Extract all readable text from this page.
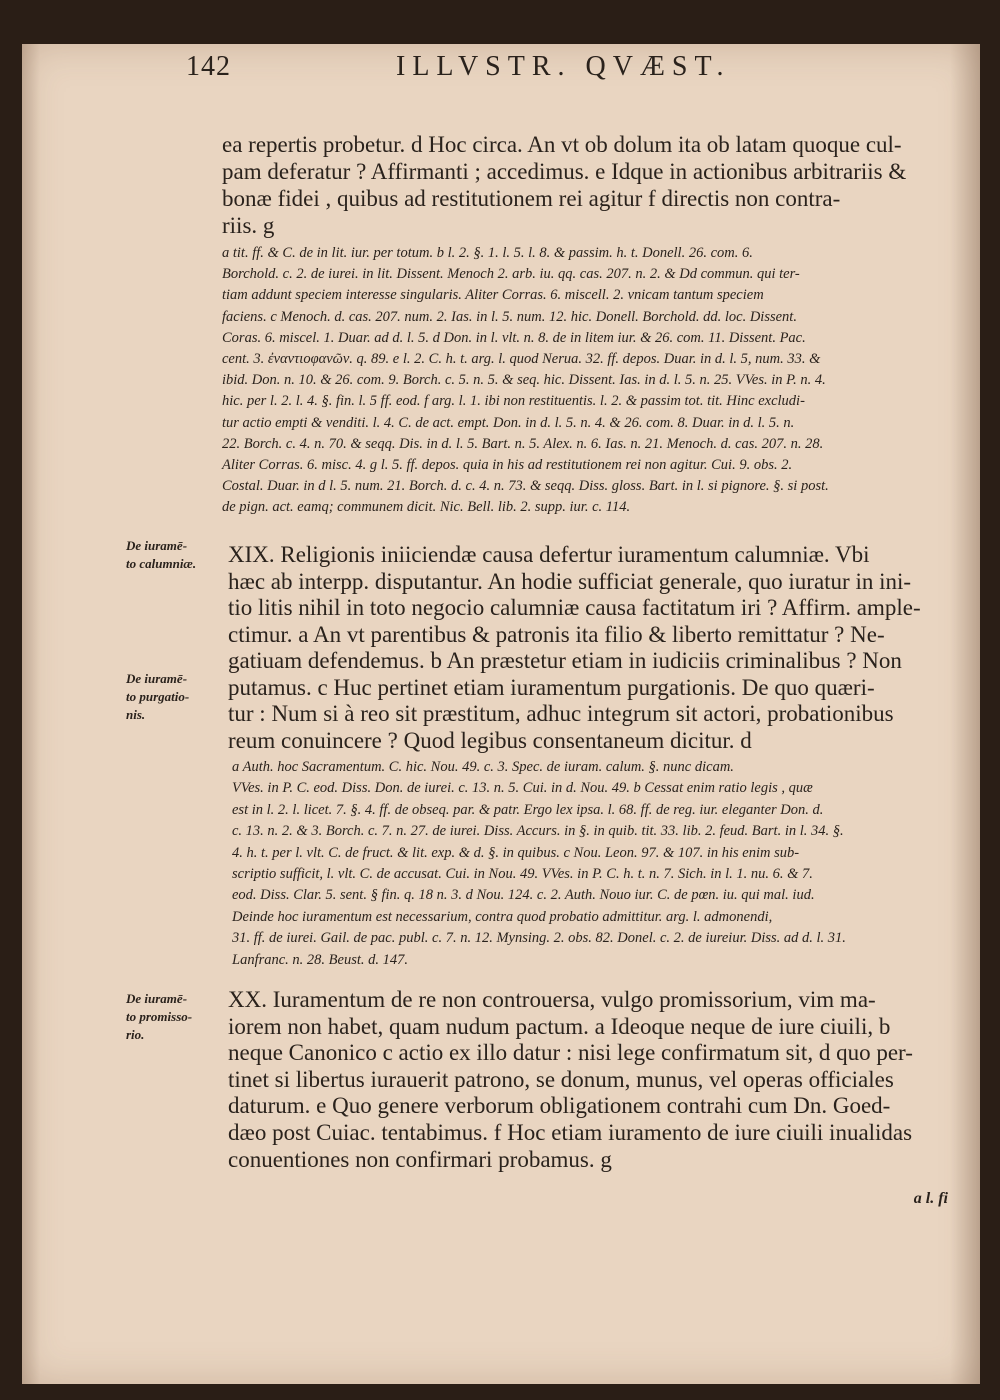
142	ILLVSTR. QVÆST.
ea repertis probetur. d Hoc circa. An vt ob dolum ita ob latam quoque cul-
pam deferatur ? Affirmanti ; accedimus. e Idque in actionibus arbitrariis &
bonæ fidei , quibus ad restitutionem rei agitur f directis non contra-
riis. g
a tit. ff. & C. de in lit. iur. per totum. b l. 2. §. 1. l. 5. l. 8. & passim. h. t. Donell. 26. com. 6.
Borchold. c. 2. de iurei. in lit. Dissent. Menoch 2. arb. iu. qq. cas. 207. n. 2. & Dd commun. qui ter-
tiam addunt speciem interesse singularis. Aliter Corras. 6. miscell. 2. vnicam tantum speciem
faciens. c Menoch. d. cas. 207. num. 2. Ias. in l. 5. num. 12. hic. Donell. Borchold. dd. loc. Dissent.
Coras. 6. miscel. 1. Duar. ad d. l. 5. d Don. in l. vlt. n. 8. de in litem iur. & 26. com. 11. Dissent. Pac.
cent. 3. ἐναντιοφανῶν. q. 89. e l. 2. C. h. t. arg. l. quod Nerua. 32. ff. depos. Duar. in d. l. 5, num. 33. &
ibid. Don. n. 10. & 26. com. 9. Borch. c. 5. n. 5. & seq. hic. Dissent. Ias. in d. l. 5. n. 25. VVes. in P. n. 4.
hic. per l. 2. l. 4. §. fin. l. 5 ff. eod. f arg. l. 1. ibi non restituentis. l. 2. & passim tot. tit. Hinc excludi-
tur actio empti & venditi. l. 4. C. de act. empt. Don. in d. l. 5. n. 4. & 26. com. 8. Duar. in d. l. 5. n.
22. Borch. c. 4. n. 70. & seqq. Dis. in d. l. 5. Bart. n. 5. Alex. n. 6. Ias. n. 21. Menoch. d. cas. 207. n. 28.
Aliter Corras. 6. misc. 4. g l. 5. ff. depos. quia in his ad restitutionem rei non agitur. Cui. 9. obs. 2.
Costal. Duar. in d l. 5. num. 21. Borch. d. c. 4. n. 73. & seqq. Diss. gloss. Bart. in l. si pignore. §. si post.
de pign. act. eamq; communem dicit. Nic. Bell. lib. 2. supp. iur. c. 114.
De iuramē-
to calumniæ.
De iuramē-
to purgatio-
nis.
De iuramē-
to promisso-
rio.
XIX. Religionis iniiciendæ causa defertur iuramentum calumniæ. Vbi
hæc ab interpp. disputantur. An hodie sufficiat generale, quo iuratur in ini-
tio litis nihil in toto negocio calumniæ causa factitatum iri ? Affirm. ample-
ctimur. a An vt parentibus & patronis ita filio & liberto remittatur ? Ne-
gatiuam defendemus. b An præstetur etiam in iudiciis criminalibus ? Non
putamus. c Huc pertinet etiam iuramentum purgationis. De quo quæri-
tur : Num si à reo sit præstitum, adhuc integrum sit actori, probationibus
reum conuincere ? Quod legibus consentaneum dicitur. d
a Auth. hoc Sacramentum. C. hic. Nou. 49. c. 3. Spec. de iuram. calum. §. nunc dicam.
VVes. in P. C. eod. Diss. Don. de iurei. c. 13. n. 5. Cui. in d. Nou. 49. b Cessat enim ratio legis , quæ
est in l. 2. l. licet. 7. §. 4. ff. de obseq. par. & patr. Ergo lex ipsa. l. 68. ff. de reg. iur. eleganter Don. d.
c. 13. n. 2. & 3. Borch. c. 7. n. 27. de iurei. Diss. Accurs. in §. in quib. tit. 33. lib. 2. feud. Bart. in l. 34. §.
4. h. t. per l. vlt. C. de fruct. & lit. exp. & d. §. in quibus. c Nou. Leon. 97. & 107. in his enim sub-
scriptio sufficit, l. vlt. C. de accusat. Cui. in Nou. 49. VVes. in P. C. h. t. n. 7. Sich. in l. 1. nu. 6. & 7.
eod. Diss. Clar. 5. sent. § fin. q. 18 n. 3. d Nou. 124. c. 2. Auth. Nouo iur. C. de pœn. iu. qui mal. iud.
Deinde hoc iuramentum est necessarium, contra quod probatio admittitur. arg. l. admonendi,
31. ff. de iurei. Gail. de pac. publ. c. 7. n. 12. Mynsing. 2. obs. 82. Donel. c. 2. de iureiur. Diss. ad d. l. 31.
Lanfranc. n. 28. Beust. d. 147.
XX. Iuramentum de re non controuersa, vulgo promissorium, vim ma-
iorem non habet, quam nudum pactum. a Ideoque neque de iure ciuili, b
neque Canonico c actio ex illo datur : nisi lege confirmatum sit, d quo per-
tinet si libertus iurauerit patrono, se donum, munus, vel operas officiales
daturum. e Quo genere verborum obligationem contrahi cum Dn. Goed-
dæo post Cuiac. tentabimus. f Hoc etiam iuramento de iure ciuili inualidas
conuentiones non confirmari probamus. g
a l. fi
